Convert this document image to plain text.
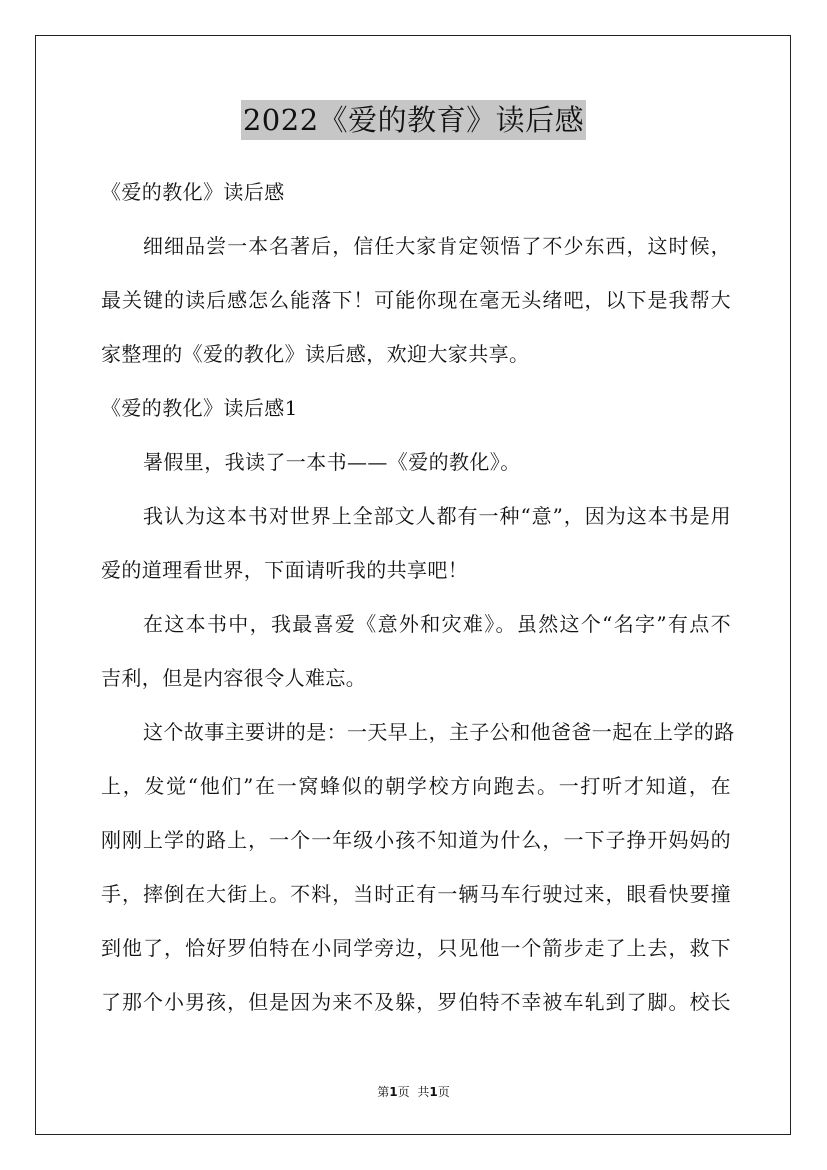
2022《爱的教育》读后感
《爱的教化》读后感
细细品尝一本名著后，信任大家肯定领悟了不少东西，这时候，
最关键的读后感怎么能落下！可能你现在毫无头绪吧，以下是我帮大
家整理的《爱的教化》读后感，欢迎大家共享。
《爱的教化》读后感1
暑假里，我读了一本书——《爱的教化》。
我认为这本书对世界上全部文人都有一种“意”，因为这本书是用
爱的道理看世界，下面请听我的共享吧！
在这本书中，我最喜爱《意外和灾难》。虽然这个“名字”有点不
吉利，但是内容很令人难忘。
这个故事主要讲的是：一天早上，主子公和他爸爸一起在上学的路
上，发觉“他们”在一窝蜂似的朝学校方向跑去。一打听才知道，在
刚刚上学的路上，一个一年级小孩不知道为什么，一下子挣开妈妈的
手，摔倒在大街上。不料，当时正有一辆马车行驶过来，眼看快要撞
到他了，恰好罗伯特在小同学旁边，只见他一个箭步走了上去，救下
了那个小男孩，但是因为来不及躲，罗伯特不幸被车轧到了脚。校长
第1页 共1页
